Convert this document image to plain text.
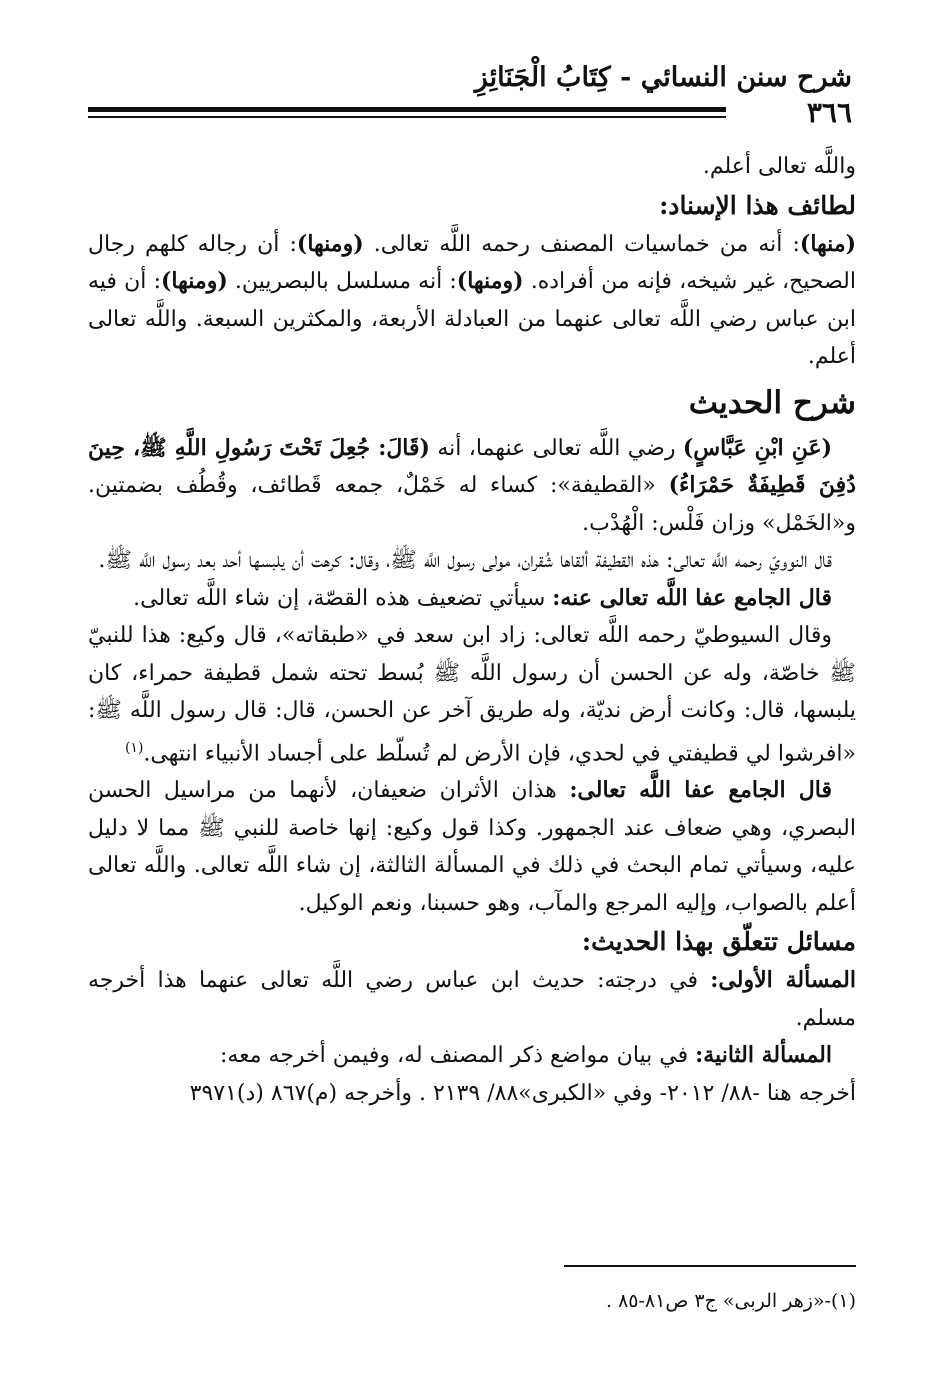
شرح سنن النسائي - كِتَابُ الْجَنَائِزِ
٣٦٦

واللَّه تعالى أعلم.

لطائف هذا الإسناد:

(منها): أنه من خماسيات المصنف رحمه اللَّه تعالى. (ومنها): أن رجاله كلهم رجال الصحيح، غير شيخه، فإنه من أفراده. (ومنها): أنه مسلسل بالبصريين. (ومنها): أن فيه ابن عباس رضي اللَّه تعالى عنهما من العبادلة الأربعة، والمكثرين السبعة. واللَّه تعالى أعلم.

شرح الحديث

(عَنِ ابْنِ عَبَّاسٍ) رضي اللَّه تعالى عنهما، أنه (قَالَ: جُعِلَ تَحْتَ رَسُولِ اللَّهِ ﷺ، حِينَ دُفِنَ قَطِيفَةٌ حَمْرَاءُ) «القطيفة»: كساء له خَمْلٌ، جمعه قَطائف، وقُطُف بضمتين. و«الخَمْل» وزان فَلْس: الْهُدْب.

قال النوويّ رحمه اللَّه تعالى: هذه القطيفة ألقاها شُقران، مولى رسول اللَّه ﷺ، وقال: كرهت أن يلبسها أحد بعد رسول اللَّه ﷺ.

قال الجامع عفا اللَّه تعالى عنه: سيأتي تضعيف هذه القصّة، إن شاء اللَّه تعالى.

وقال السيوطيّ رحمه اللَّه تعالى: زاد ابن سعد في «طبقاته»، قال وكيع: هذا للنبيّ ﷺ خاصّة، وله عن الحسن أن رسول اللَّه ﷺ بُسط تحته شمل قطيفة حمراء، كان يلبسها، قال: وكانت أرض نديّة، وله طريق آخر عن الحسن، قال: قال رسول اللَّه ﷺ: «افرشوا لي قطيفتي في لحدي، فإن الأرض لم تُسلّط على أجساد الأنبياء انتهى.$^{(١)}$

قال الجامع عفا اللَّه تعالى: هذان الأثران ضعيفان، لأنهما من مراسيل الحسن البصري، وهي ضعاف عند الجمهور. وكذا قول وكيع: إنها خاصة للنبي ﷺ مما لا دليل عليه، وسيأتي تمام البحث في ذلك في المسألة الثالثة، إن شاء اللَّه تعالى. واللَّه تعالى أعلم بالصواب، وإليه المرجع والمآب، وهو حسبنا، ونعم الوكيل.

مسائل تتعلّق بهذا الحديث:

المسألة الأولى: في درجته: حديث ابن عباس رضي اللَّه تعالى عنهما هذا أخرجه مسلم.

المسألة الثانية: في بيان مواضع ذكر المصنف له، وفيمن أخرجه معه:

أخرجه هنا -٨٨/ ٢٠١٢- وفي «الكبرى»٨٨/ ٢١٣٩ . وأخرجه (م)٨٦٧ (د)٣٩٧١

(١)-«زهر الربى» ج٣ ص٨١-٨٥ .
